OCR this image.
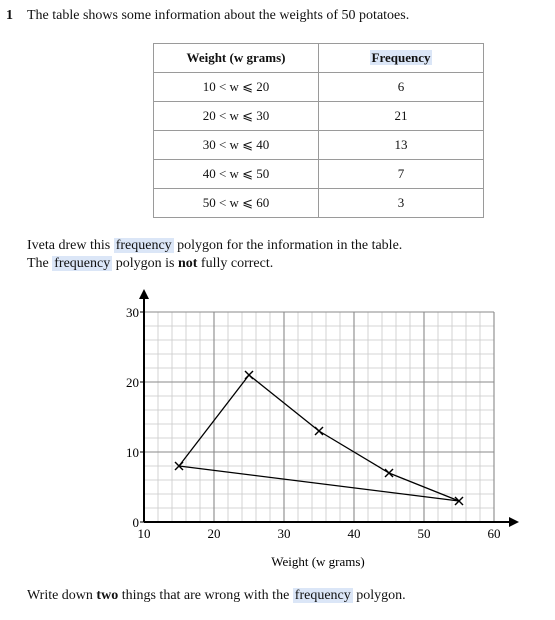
1 The table shows some information about the weights of 50 potatoes.
Weight (w grams)	Frequency
10 < w ⩽ 20	6
20 < w ⩽ 30	21
30 < w ⩽ 40	13
40 < w ⩽ 50	7
50 < w ⩽ 60	3
Iveta drew this frequency polygon for the information in the table.
The frequency polygon is not fully correct.
10	20	30	40	50	60
0
10
20
30
Weight (w grams)
Write down two things that are wrong with the frequency polygon.
